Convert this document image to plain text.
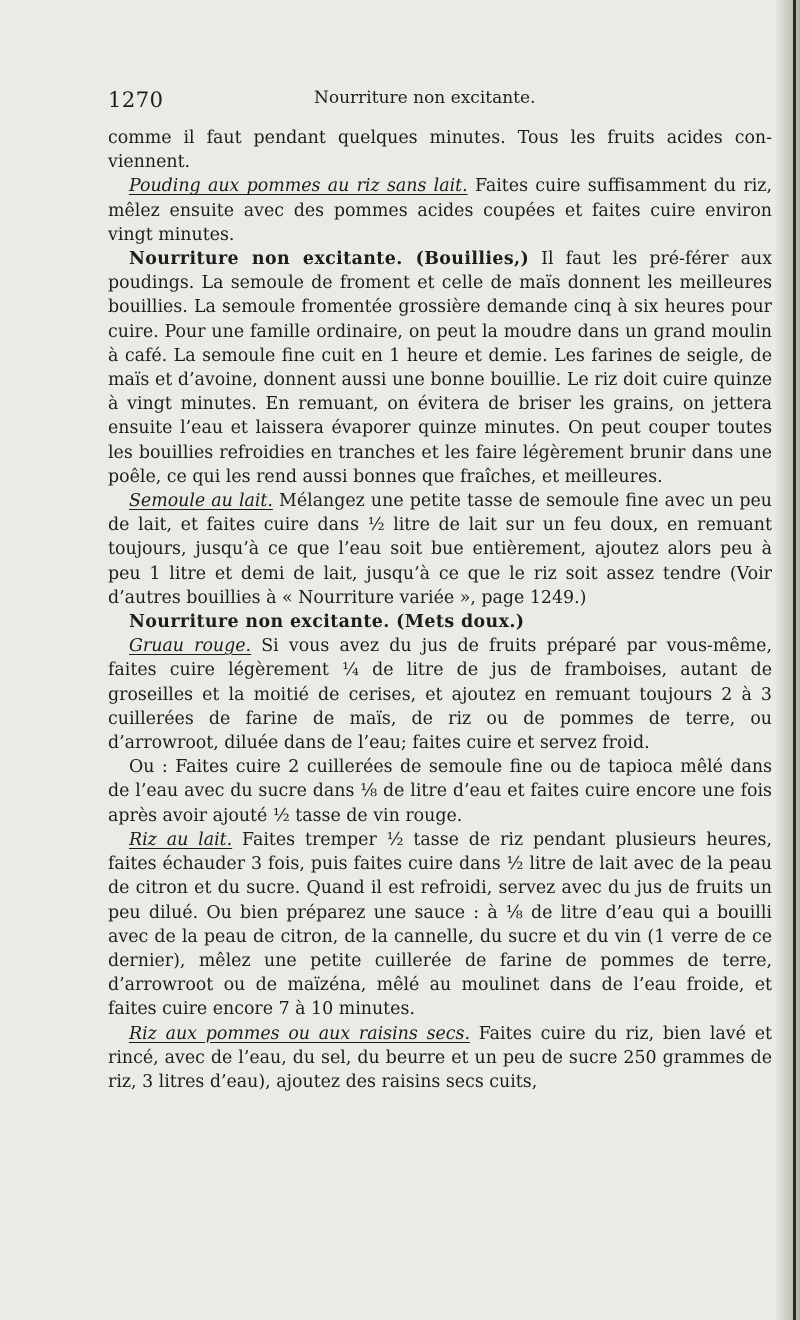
1270	Nourriture non excitante.

comme il faut pendant quelques minutes. Tous les fruits acides con-viennent.

Pouding aux pommes au riz sans lait. Faites cuire suffisamment du riz, mêlez ensuite avec des pommes acides coupées et faites cuire environ vingt minutes.

Nourriture non excitante. (Bouillies,) Il faut les pré-férer aux poudings. La semoule de froment et celle de maïs donnent les meilleures bouillies. La semoule fromentée grossière demande cinq à six heures pour cuire. Pour une famille ordinaire, on peut la moudre dans un grand moulin à café. La semoule fine cuit en 1 heure et demie. Les farines de seigle, de maïs et d’avoine, donnent aussi une bonne bouillie. Le riz doit cuire quinze à vingt minutes. En remuant, on évitera de briser les grains, on jettera ensuite l’eau et laissera évaporer quinze minutes. On peut couper toutes les bouillies refroidies en tranches et les faire légèrement brunir dans une poêle, ce qui les rend aussi bonnes que fraîches, et meilleures.

Semoule au lait. Mélangez une petite tasse de semoule fine avec un peu de lait, et faites cuire dans ½ litre de lait sur un feu doux, en remuant toujours, jusqu’à ce que l’eau soit bue entièrement, ajoutez alors peu à peu 1 litre et demi de lait, jusqu’à ce que le riz soit assez tendre (Voir d’autres bouillies à « Nourriture variée », page 1249.)

Nourriture non excitante. (Mets doux.)

Gruau rouge. Si vous avez du jus de fruits préparé par vous-même, faites cuire légèrement ¼ de litre de jus de framboises, autant de groseilles et la moitié de cerises, et ajoutez en remuant toujours 2 à 3 cuillerées de farine de maïs, de riz ou de pommes de terre, ou d’arrowroot, diluée dans de l’eau; faites cuire et servez froid.

Ou : Faites cuire 2 cuillerées de semoule fine ou de tapioca mêlé dans de l’eau avec du sucre dans ⅛ de litre d’eau et faites cuire encore une fois après avoir ajouté ½ tasse de vin rouge.

Riz au lait. Faites tremper ½ tasse de riz pendant plusieurs heures, faites échauder 3 fois, puis faites cuire dans ½ litre de lait avec de la peau de citron et du sucre. Quand il est refroidi, servez avec du jus de fruits un peu dilué. Ou bien préparez une sauce : à ⅛ de litre d’eau qui a bouilli avec de la peau de citron, de la cannelle, du sucre et du vin (1 verre de ce dernier), mêlez une petite cuillerée de farine de pommes de terre, d’arrowroot ou de maïzéna, mêlé au moulinet dans de l’eau froide, et faites cuire encore 7 à 10 minutes.

Riz aux pommes ou aux raisins secs. Faites cuire du riz, bien lavé et rincé, avec de l’eau, du sel, du beurre et un peu de sucre 250 grammes de riz, 3 litres d’eau), ajoutez des raisins secs cuits,
